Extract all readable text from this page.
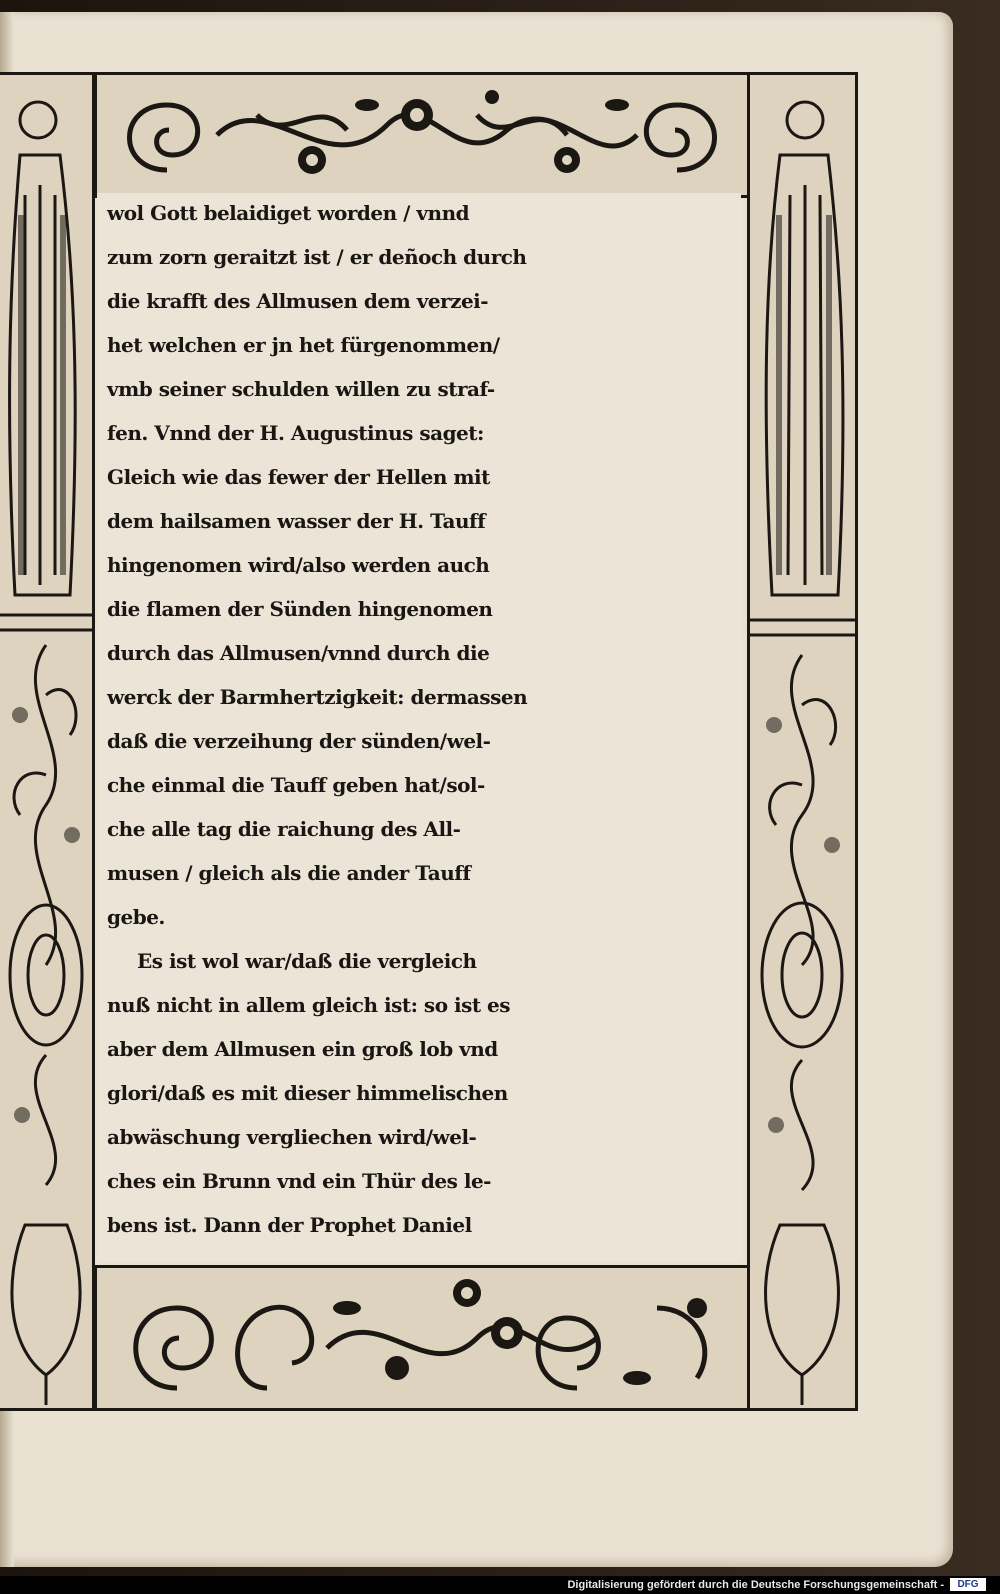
wol Gott belaidiget worden / vnnd
zum zorn geraitzt ist / er deñoch durch
die krafft des Allmusen dem verzei-
het welchen er jn het fürgenommen/
vmb seiner schulden willen zu straf-
fen. Vnnd der H. Augustinus saget:
Gleich wie das fewer der Hellen mit
dem hailsamen wasser der H. Tauff
hingenomen wird/also werden auch
die flamen der Sünden hingenomen
durch das Allmusen/vnnd durch die
werck der Barmhertzigkeit: dermassen
daß die verzeihung der sünden/wel-
che einmal die Tauff geben hat/sol-
che alle tag die raichung des All-
musen / gleich als die ander Tauff
gebe.
Es ist wol war/daß die vergleich
nuß nicht in allem gleich ist: so ist es
aber dem Allmusen ein groß lob vnd
glori/daß es mit dieser himmelischen
abwäschung vergliechen wird/wel-
ches ein Brunn vnd ein Thür des le-
bens ist. Dann der Prophet Daniel
Digitalisierung gefördert durch die Deutsche Forschungsgemeinschaft -	DFG
